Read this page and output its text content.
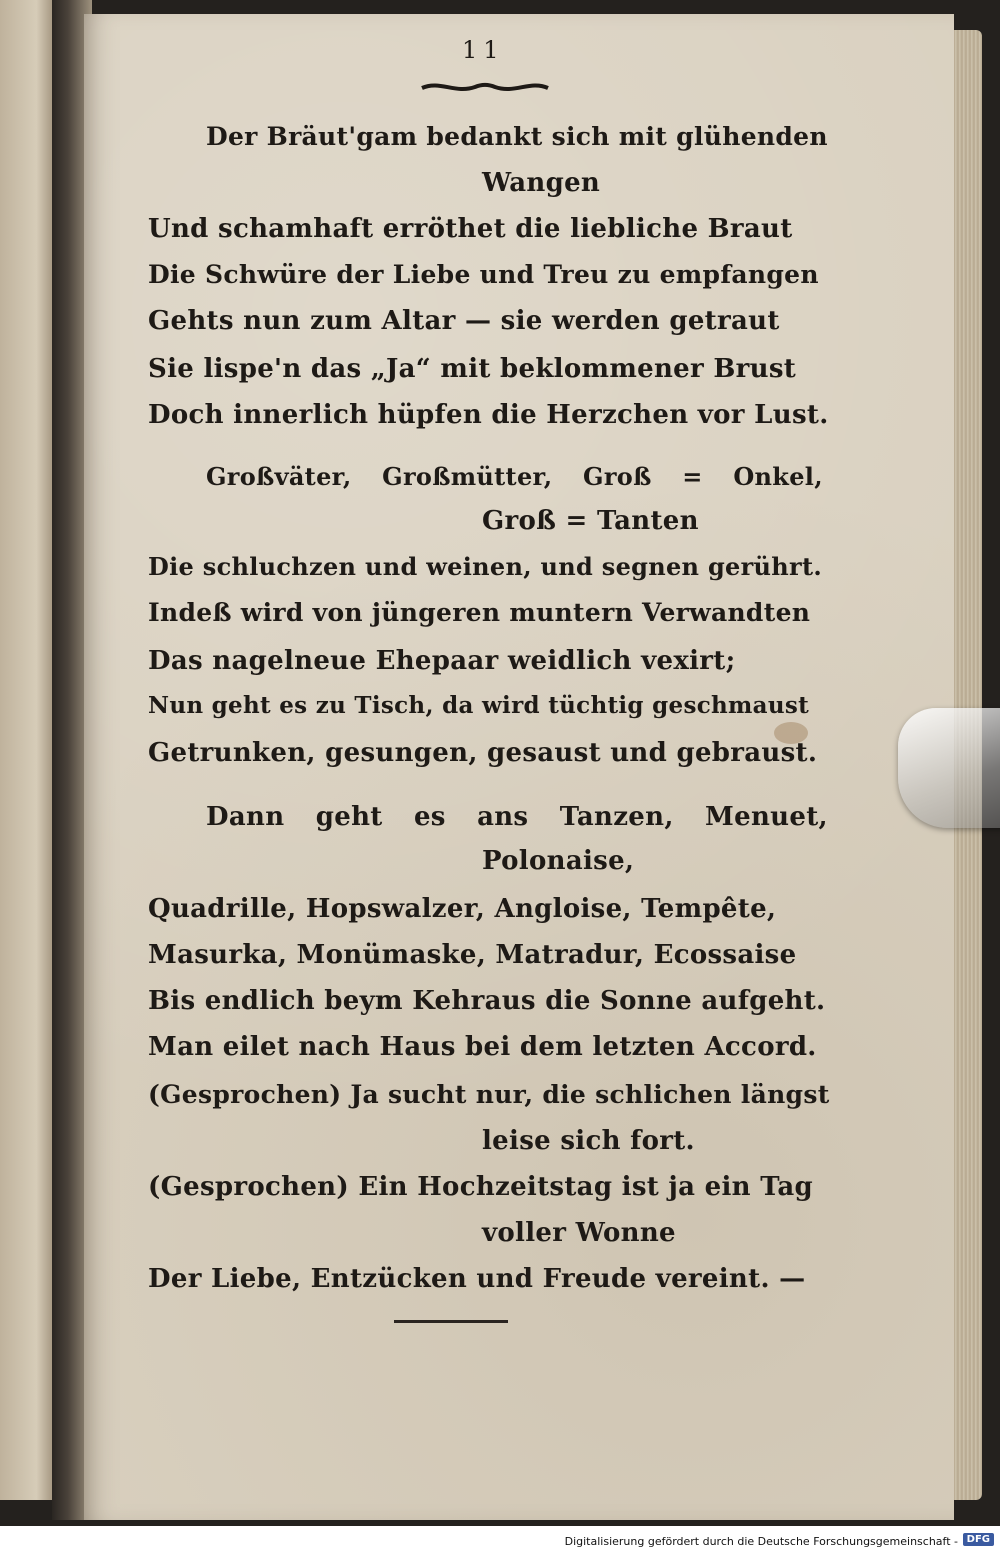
11
Der Bräut'gam bedankt sich mit glühenden
Wangen
Und schamhaft erröthet die liebliche Braut
Die Schwüre der Liebe und Treu zu empfangen
Gehts nun zum Altar — sie werden getraut
Sie lispe'n das „Ja“ mit beklommener Brust
Doch innerlich hüpfen die Herzchen vor Lust.
Großväter, Großmütter, Groß = Onkel,
Groß = Tanten
Die schluchzen und weinen, und segnen gerührt.
Indeß wird von jüngeren muntern Verwandten
Das nagelneue Ehepaar weidlich vexirt;
Nun geht es zu Tisch, da wird tüchtig geschmaust
Getrunken, gesungen, gesaust und gebraust.
Dann geht es ans Tanzen, Menuet,
Polonaise,
Quadrille, Hopswalzer, Angloise, Tempête,
Masurka, Monümaske, Matradur, Ecossaise
Bis endlich beym Kehraus die Sonne aufgeht.
Man eilet nach Haus bei dem letzten Accord.
(Gesprochen) Ja sucht nur, die schlichen längst
leise sich fort.
(Gesprochen) Ein Hochzeitstag ist ja ein Tag
voller Wonne
Der Liebe, Entzücken und Freude vereint. —
Digitalisierung gefördert durch die Deutsche Forschungsgemeinschaft - DFG
